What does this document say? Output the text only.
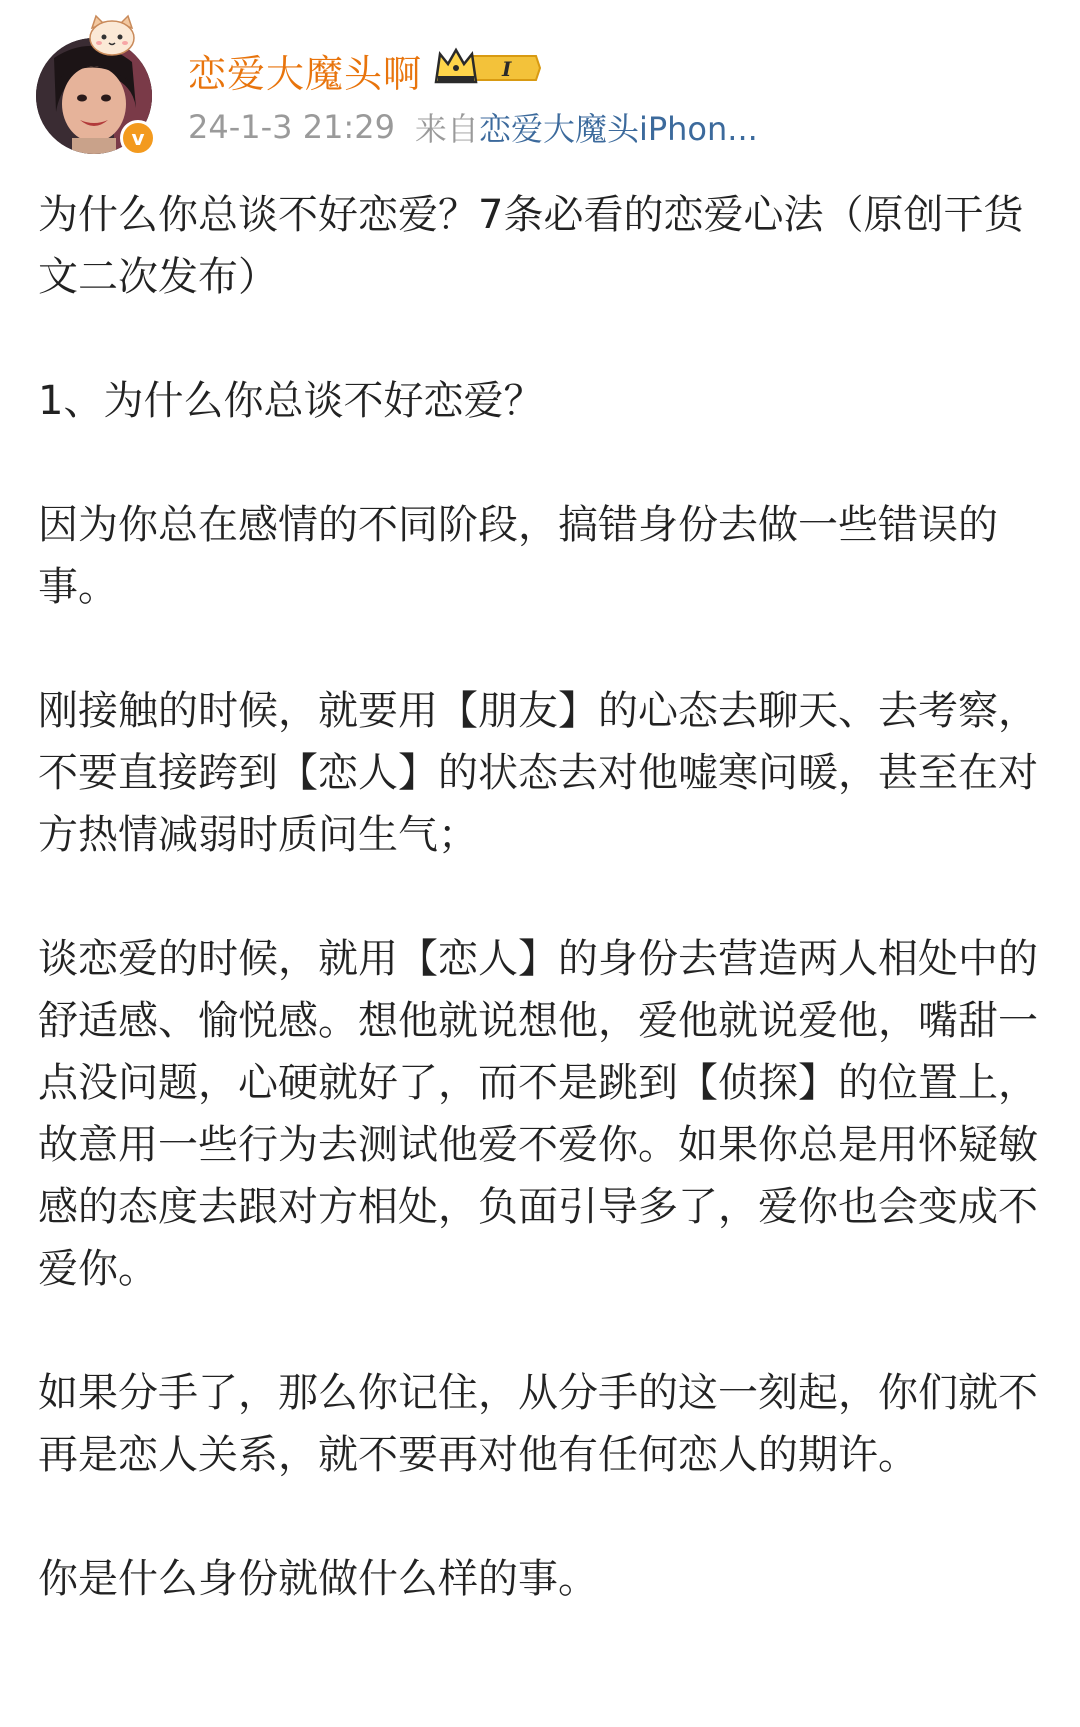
v
恋爱大魔头啊	I
24-1-3 21:29 来自 恋爱大魔头iPhon...
为什么你总谈不好恋爱？7条必看的恋爱心法（原创干货文二次发布）
1、为什么你总谈不好恋爱？
因为你总在感情的不同阶段，搞错身份去做一些错误的事。
刚接触的时候，就要用【朋友】的心态去聊天、去考察，不要直接跨到【恋人】的状态去对他嘘寒问暖，甚至在对方热情减弱时质问生气；
谈恋爱的时候，就用【恋人】的身份去营造两人相处中的舒适感、愉悦感。想他就说想他，爱他就说爱他，嘴甜一点没问题，心硬就好了，而不是跳到【侦探】的位置上，故意用一些行为去测试他爱不爱你。如果你总是用怀疑敏感的态度去跟对方相处，负面引导多了，爱你也会变成不爱你。
如果分手了，那么你记住，从分手的这一刻起，你们就不再是恋人关系，就不要再对他有任何恋人的期许。
你是什么身份就做什么样的事。
